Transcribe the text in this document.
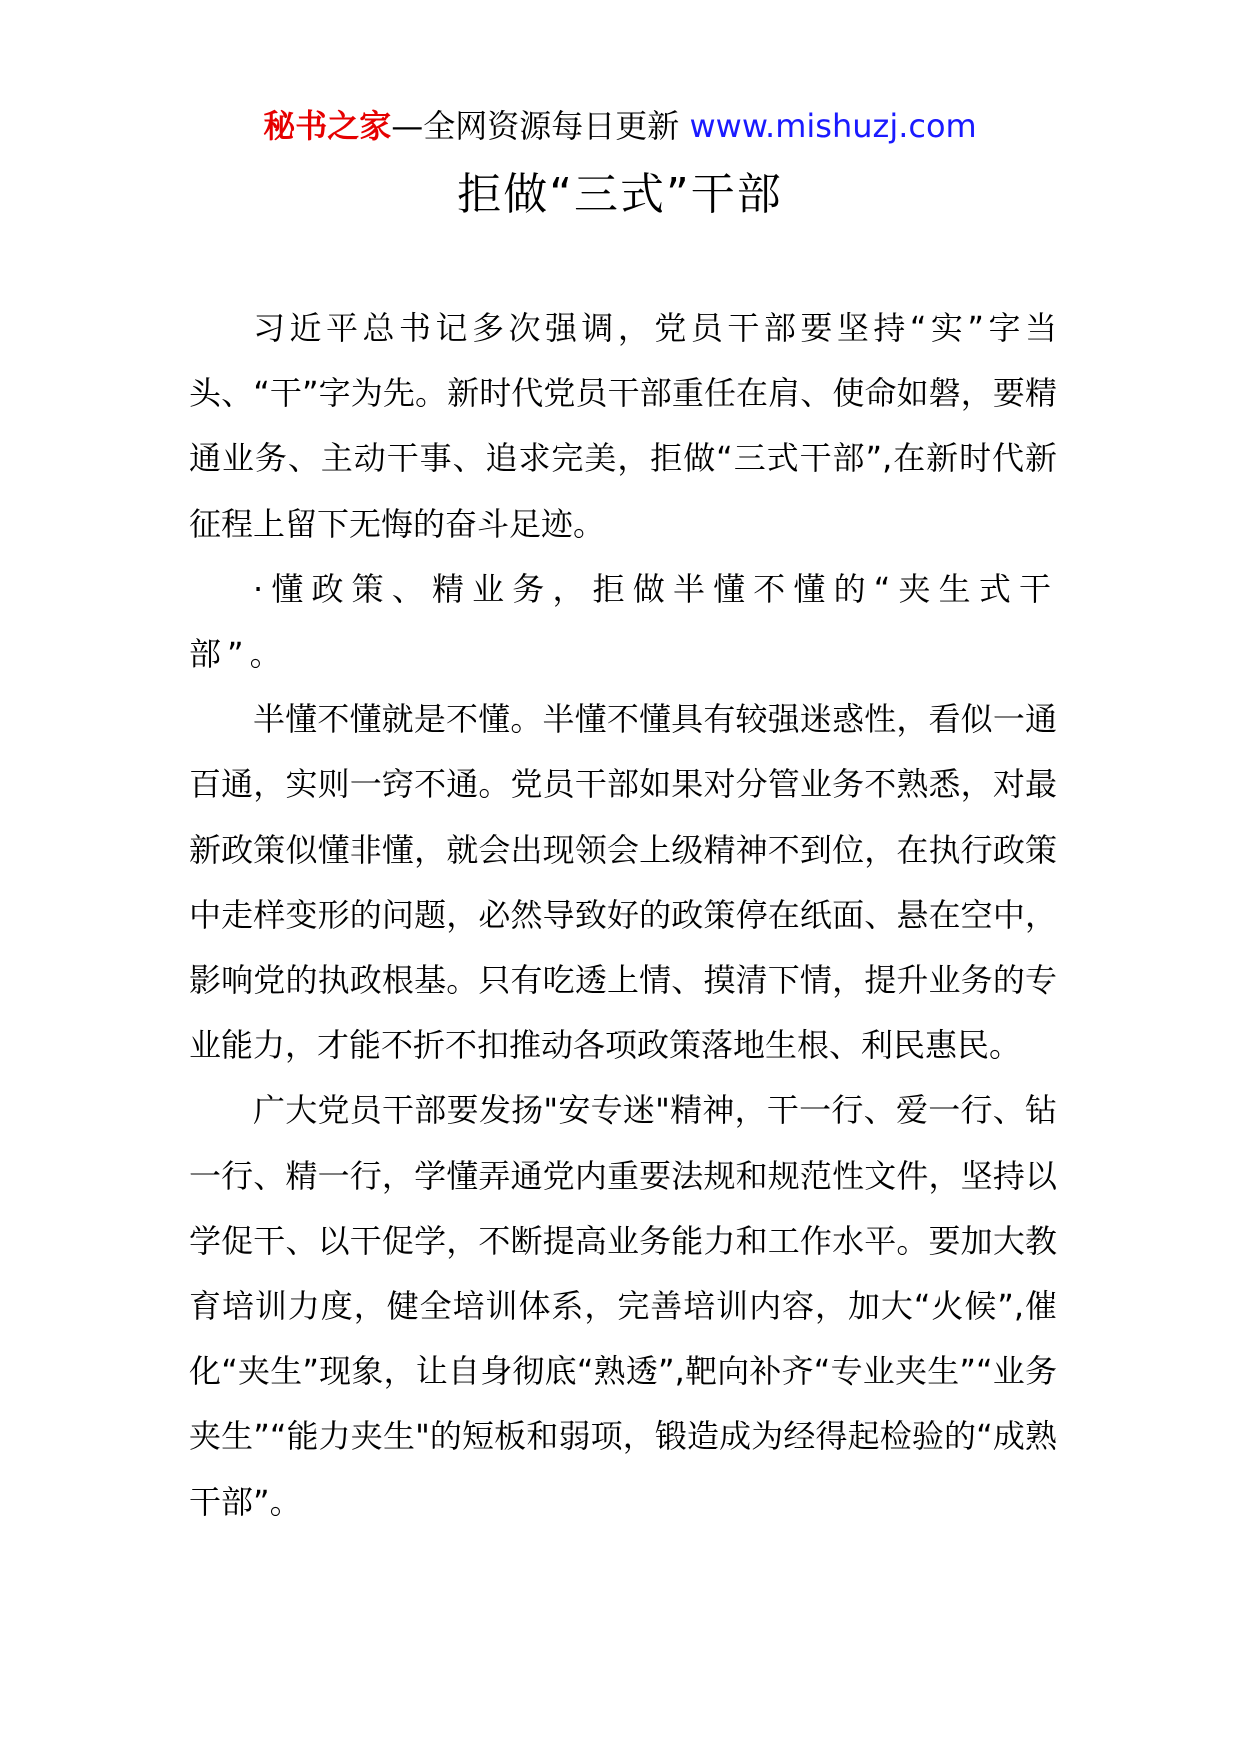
秘书之家—全网资源每日更新 www.mishuzj.com
拒做“三式”干部

习近平总书记多次强调，党员干部要坚持“实”字当头、“干”字为先。新时代党员干部重任在肩、使命如磐，要精通业务、主动干事、追求完美，拒做“三式干部”,在新时代新征程上留下无悔的奋斗足迹。

·懂政策、精业务，拒做半懂不懂的“夹生式干部”。

半懂不懂就是不懂。半懂不懂具有较强迷惑性，看似一通百通，实则一窍不通。党员干部如果对分管业务不熟悉，对最新政策似懂非懂，就会出现领会上级精神不到位，在执行政策中走样变形的问题，必然导致好的政策停在纸面、悬在空中，影响党的执政根基。只有吃透上情、摸清下情，提升业务的专业能力，才能不折不扣推动各项政策落地生根、利民惠民。

广大党员干部要发扬"安专迷"精神，干一行、爱一行、钻一行、精一行，学懂弄通党内重要法规和规范性文件，坚持以学促干、以干促学，不断提高业务能力和工作水平。要加大教育培训力度，健全培训体系，完善培训内容，加大“火候”,催化“夹生”现象，让自身彻底“熟透”,靶向补齐“专业夹生”“业务夹生”“能力夹生"的短板和弱项，锻造成为经得起检验的“成熟干部”。
